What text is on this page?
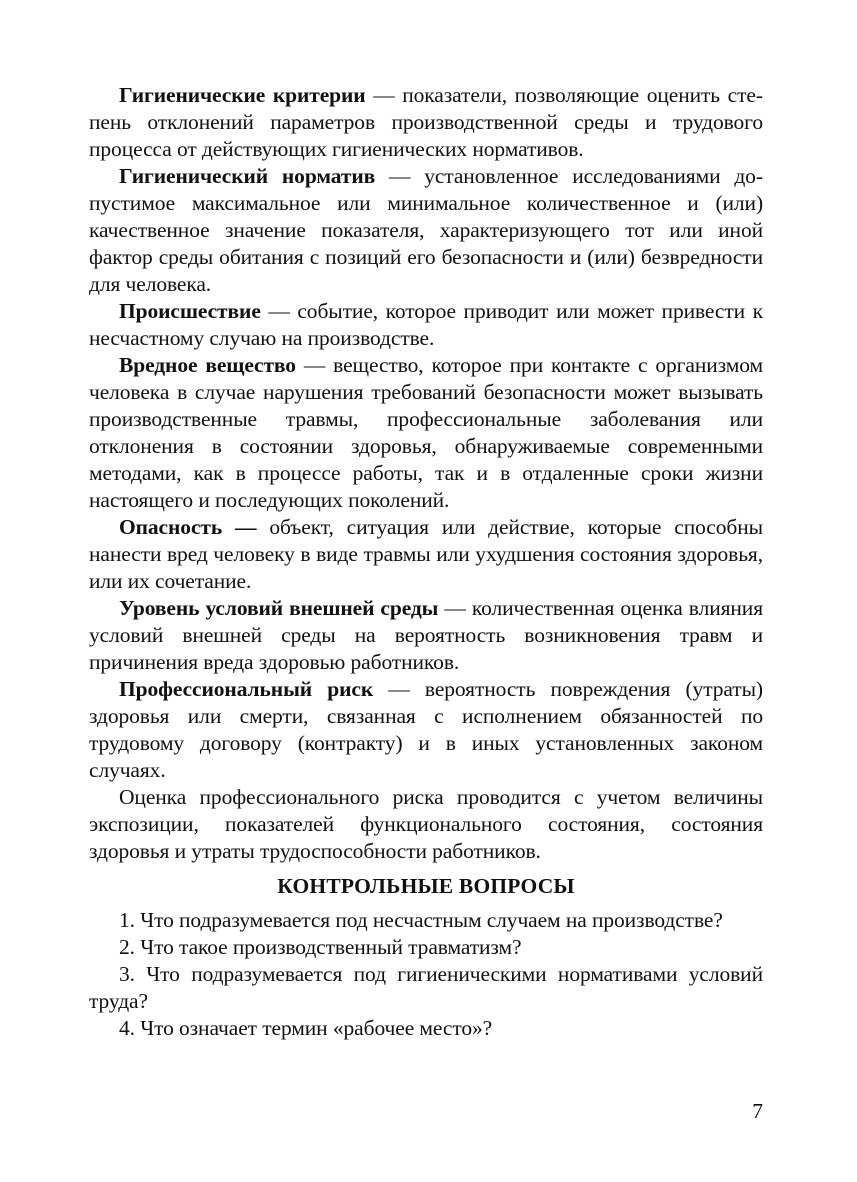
Гигиенические критерии — показатели, позволяющие оценить степень отклонений параметров производственной среды и трудового процесса от действующих гигиенических нормативов.

Гигиенический норматив — установленное исследованиями допустимое максимальное или минимальное количественное и (или) качественное значение показателя, характеризующего тот или иной фактор среды обитания с позиций его безопасности и (или) безвредности для человека.

Происшествие — событие, которое приводит или может привести к несчастному случаю на производстве.

Вредное вещество — вещество, которое при контакте с организмом человека в случае нарушения требований безопасности может вызывать производственные травмы, профессиональные заболевания или отклонения в состоянии здоровья, обнаруживаемые современными методами, как в процессе работы, так и в отдаленные сроки жизни настоящего и последующих поколений.

Опасность — объект, ситуация или действие, которые способны нанести вред человеку в виде травмы или ухудшения состояния здоровья, или их сочетание.

Уровень условий внешней среды — количественная оценка влияния условий внешней среды на вероятность возникновения травм и причинения вреда здоровью работников.

Профессиональный риск — вероятность повреждения (утраты) здоровья или смерти, связанная с исполнением обязанностей по трудовому договору (контракту) и в иных установленных законом случаях.

Оценка профессионального риска проводится с учетом величины экспозиции, показателей функционального состояния, состояния здоровья и утраты трудоспособности работников.

КОНТРОЛЬНЫЕ ВОПРОСЫ

1. Что подразумевается под несчастным случаем на производстве?

2. Что такое производственный травматизм?

3. Что подразумевается под гигиеническими нормативами условий труда?

4. Что означает термин «рабочее место»?

7
